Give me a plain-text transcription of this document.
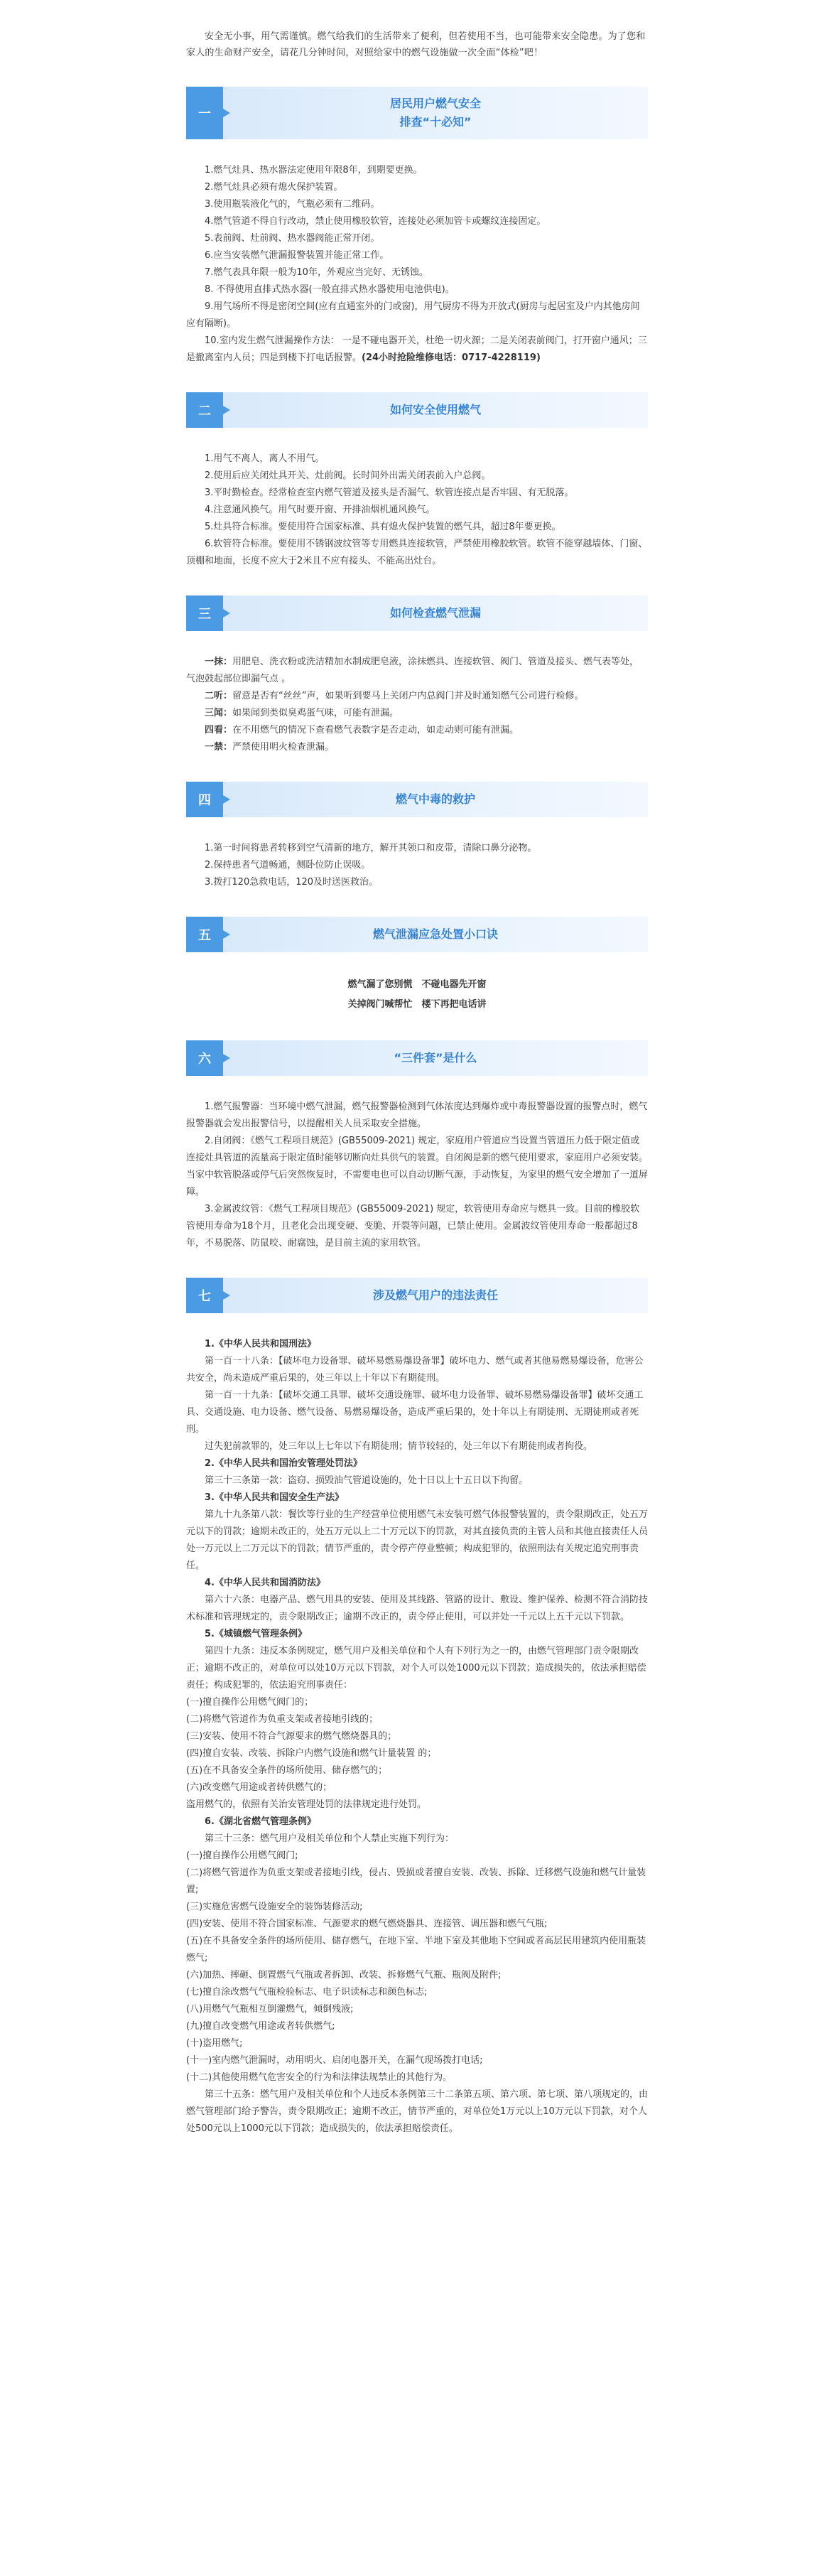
安全无小事，用气需谨慎。燃气给我们的生活带来了便利，但若使用不当，也可能带来安全隐患。为了您和家人的生命财产安全，请花几分钟时间，对照给家中的燃气设施做一次全面“体检”吧！

一
居民用户燃气安全
排查“十必知”

1.燃气灶具、热水器法定使用年限8年，到期要更换。

2.燃气灶具必须有熄火保护装置。

3.使用瓶装液化气的，气瓶必须有二维码。

4.燃气管道不得自行改动，禁止使用橡胶软管，连接处必须加管卡或螺纹连接固定。

5.表前阀、灶前阀、热水器阀能正常开闭。

6.应当安装燃气泄漏报警装置并能正常工作。

7.燃气表具年限一般为10年，外观应当完好、无锈蚀。

8. 不得使用直排式热水器(一般直排式热水器使用电池供电)。

9.用气场所不得是密闭空间(应有直通室外的门或窗)，用气厨房不得为开放式(厨房与起居室及户内其他房间应有隔断)。

10.室内发生燃气泄漏操作方法： 一是不碰电器开关，杜绝一切火源；二是关闭表前阀门，打开窗户通风；三是撤离室内人员；四是到楼下打电话报警。(24小时抢险维修电话：0717-4228119)

二	如何安全使用燃气

1.用气不离人，离人不用气。

2.使用后应关闭灶具开关、灶前阀。长时间外出需关闭表前入户总阀。

3.平时勤检查。经常检查室内燃气管道及接头是否漏气、软管连接点是否牢固、有无脱落。

4.注意通风换气。用气时要开窗、开排油烟机通风换气。

5.灶具符合标准。要使用符合国家标准、具有熄火保护装置的燃气具，超过8年要更换。

6.软管符合标准。要使用不锈钢波纹管等专用燃具连接软管，严禁使用橡胶软管。软管不能穿越墙体、门窗、顶棚和地面，长度不应大于2米且不应有接头、不能高出灶台。

三	如何检查燃气泄漏

一抹：用肥皂、洗衣粉或洗洁精加水制成肥皂液，涂抹燃具、连接软管、阀门、管道及接头、燃气表等处，气泡鼓起部位即漏气点 。

二听：留意是否有“丝丝”声，如果听到要马上关闭户内总阀门并及时通知燃气公司进行检修。

三闻：如果闻到类似臭鸡蛋气味，可能有泄漏。

四看：在不用燃气的情况下查看燃气表数字是否走动，如走动则可能有泄漏。

一禁：严禁使用明火检查泄漏。

四	燃气中毒的救护

1.第一时间将患者转移到空气清新的地方，解开其领口和皮带，清除口鼻分泌物。

2.保持患者气道畅通，侧卧位防止误吸。

3.拨打120急救电话，120及时送医救治。

五	燃气泄漏应急处置小口诀

燃气漏了您别慌　不碰电器先开窗

关掉阀门喊帮忙　楼下再把电话讲

六	“三件套”是什么

1.燃气报警器：当环境中燃气泄漏，燃气报警器检测到气体浓度达到爆炸或中毒报警器设置的报警点时，燃气报警器就会发出报警信号，以提醒相关人员采取安全措施。

2.自闭阀：《燃气工程项目规范》(GB55009-2021) 规定，家庭用户管道应当设置当管道压力低于限定值或连接灶具管道的流量高于限定值时能够切断向灶具供气的装置。自闭阀是新的燃气使用要求，家庭用户必须安装。当家中软管脱落或停气后突然恢复时，不需要电也可以自动切断气源，手动恢复，为家里的燃气安全增加了一道屏障。

3.金属波纹管：《燃气工程项目规范》(GB55009-2021) 规定，软管使用寿命应与燃具一致。目前的橡胶软管使用寿命为18个月，且老化会出现变硬、变脆、开裂等问题，已禁止使用。金属波纹管使用寿命一般都超过8年，不易脱落、防鼠咬、耐腐蚀，是目前主流的家用软管。

七	涉及燃气用户的违法责任

1.《中华人民共和国刑法》

第一百一十八条：【破坏电力设备罪、破坏易燃易爆设备罪】破坏电力、燃气或者其他易燃易爆设备，危害公共安全，尚未造成严重后果的，处三年以上十年以下有期徒刑。

第一百一十九条：【破坏交通工具罪、破坏交通设施罪、破坏电力设备罪、破坏易燃易爆设备罪】破坏交通工具、交通设施、电力设备、燃气设备、易燃易爆设备，造成严重后果的，处十年以上有期徒刑、无期徒刑或者死刑。

过失犯前款罪的，处三年以上七年以下有期徒刑；情节较轻的，处三年以下有期徒刑或者拘役。

2.《中华人民共和国治安管理处罚法》

第三十三条第一款：盗窃、损毁油气管道设施的，处十日以上十五日以下拘留。

3.《中华人民共和国安全生产法》

第九十九条第八款：餐饮等行业的生产经营单位使用燃气未安装可燃气体报警装置的，责令限期改正，处五万元以下的罚款；逾期未改正的，处五万元以上二十万元以下的罚款，对其直接负责的主管人员和其他直接责任人员处一万元以上二万元以下的罚款；情节严重的，责令停产停业整顿；构成犯罪的，依照刑法有关规定追究刑事责任。

4.《中华人民共和国消防法》

第六十六条：电器产品、燃气用具的安装、使用及其线路、管路的设计、敷设、维护保养、检测不符合消防技术标准和管理规定的，责令限期改正；逾期不改正的，责令停止使用，可以并处一千元以上五千元以下罚款。

5.《城镇燃气管理条例》

第四十九条：违反本条例规定，燃气用户及相关单位和个人有下列行为之一的，由燃气管理部门责令限期改正；逾期不改正的，对单位可以处10万元以下罚款，对个人可以处1000元以下罚款；造成损失的，依法承担赔偿责任；构成犯罪的，依法追究刑事责任：

(一)擅自操作公用燃气阀门的；

(二)将燃气管道作为负重支架或者接地引线的；

(三)安装、使用不符合气源要求的燃气燃烧器具的；

(四)擅自安装、改装、拆除户内燃气设施和燃气计量装置 的；

(五)在不具备安全条件的场所使用、储存燃气的；

(六)改变燃气用途或者转供燃气的；

盗用燃气的，依照有关治安管理处罚的法律规定进行处罚。

6.《湖北省燃气管理条例》

第三十三条：燃气用户及相关单位和个人禁止实施下列行为：

(一)擅自操作公用燃气阀门;

(二)将燃气管道作为负重支架或者接地引线，侵占、毁损或者擅自安装、改装、拆除、迁移燃气设施和燃气计量装置;

(三)实施危害燃气设施安全的装饰装修活动;

(四)安装、使用不符合国家标准、气源要求的燃气燃烧器具、连接管、调压器和燃气气瓶;

(五)在不具备安全条件的场所使用、储存燃气，在地下室、半地下室及其他地下空间或者高层民用建筑内使用瓶装燃气;

(六)加热、摔砸、倒置燃气气瓶或者拆卸、改装、拆修燃气气瓶、瓶阀及附件;

(七)擅自涂改燃气气瓶检验标志、电子识读标志和颜色标志;

(八)用燃气气瓶相互倒灌燃气，倾倒残液;

(九)擅自改变燃气用途或者转供燃气;

(十)盗用燃气;

(十一)室内燃气泄漏时，动用明火、启闭电器开关，在漏气现场拨打电话;

(十二)其他使用燃气危害安全的行为和法律法规禁止的其他行为。

第三十五条：燃气用户及相关单位和个人违反本条例第三十二条第五项、第六项、第七项、第八项规定的，由燃气管理部门给予警告，责令限期改正；逾期不改正，情节严重的，对单位处1万元以上10万元以下罚款，对个人处500元以上1000元以下罚款；造成损失的，依法承担赔偿责任。
